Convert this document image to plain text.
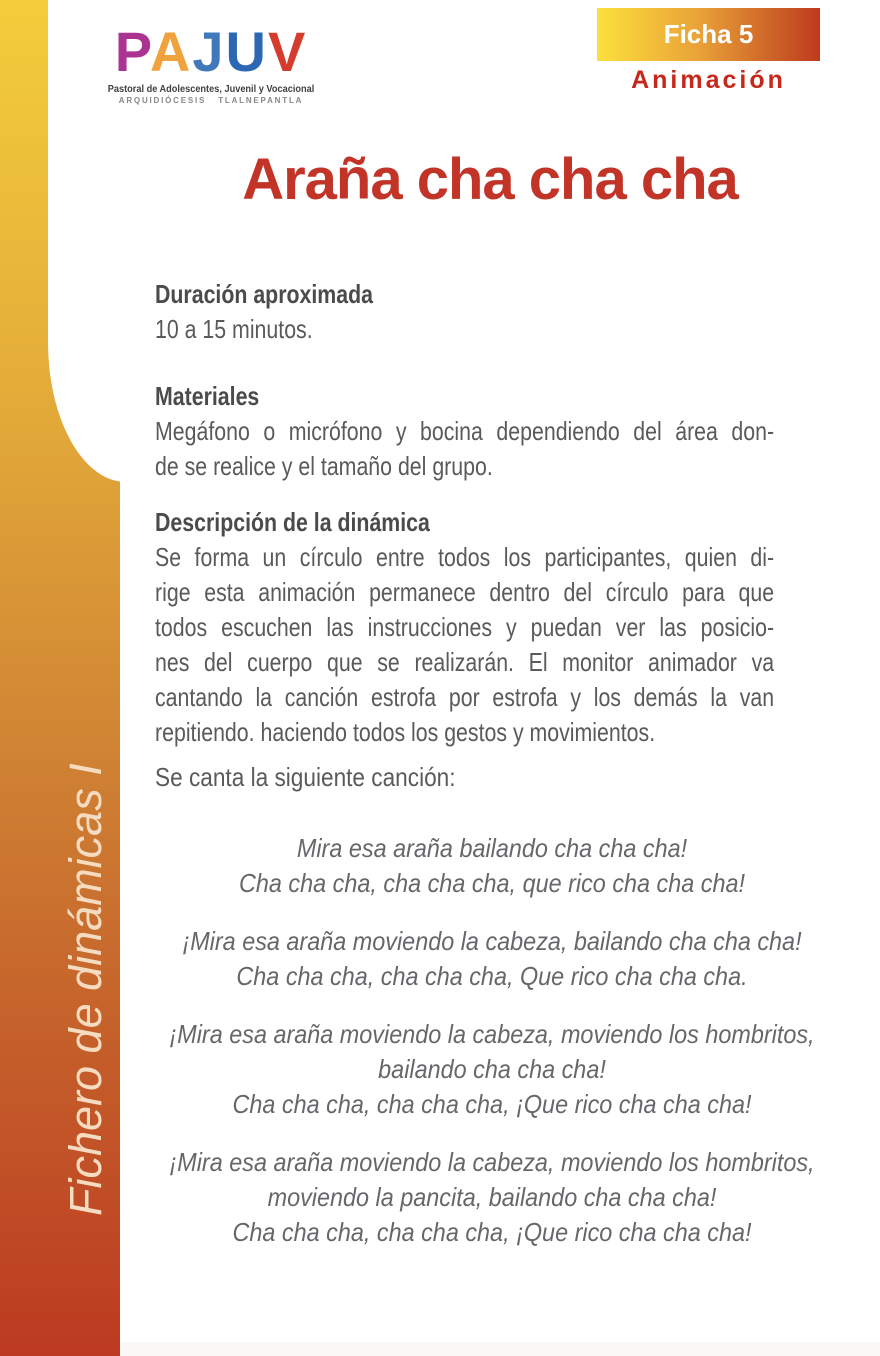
Fichero de dinámicas I
PAJUV
Pastoral de Adolescentes, Juvenil y Vocacional
ARQUIDIÓCESIS TLALNEPANTLA
Ficha 5
Animación
Araña cha cha cha
Duración aproximada
10 a 15 minutos.
Materiales
Megáfono o micrófono y bocina dependiendo del área don-
de se realice y el tamaño del grupo.
Descripción de la dinámica
Se forma un círculo entre todos los participantes, quien di-
rige esta animación permanece dentro del círculo para que
todos escuchen las instrucciones y puedan ver las posicio-
nes del cuerpo que se realizarán. El monitor animador va
cantando la canción estrofa por estrofa y los demás la van
repitiendo. haciendo todos los gestos y movimientos.
Se canta la siguiente canción:
Mira esa araña bailando cha cha cha!
Cha cha cha, cha cha cha, que rico cha cha cha!
¡Mira esa araña moviendo la cabeza, bailando cha cha cha!
Cha cha cha, cha cha cha, Que rico cha cha cha.
¡Mira esa araña moviendo la cabeza, moviendo los hombritos,
bailando cha cha cha!
Cha cha cha, cha cha cha, ¡Que rico cha cha cha!
¡Mira esa araña moviendo la cabeza, moviendo los hombritos,
moviendo la pancita, bailando cha cha cha!
Cha cha cha, cha cha cha, ¡Que rico cha cha cha!
